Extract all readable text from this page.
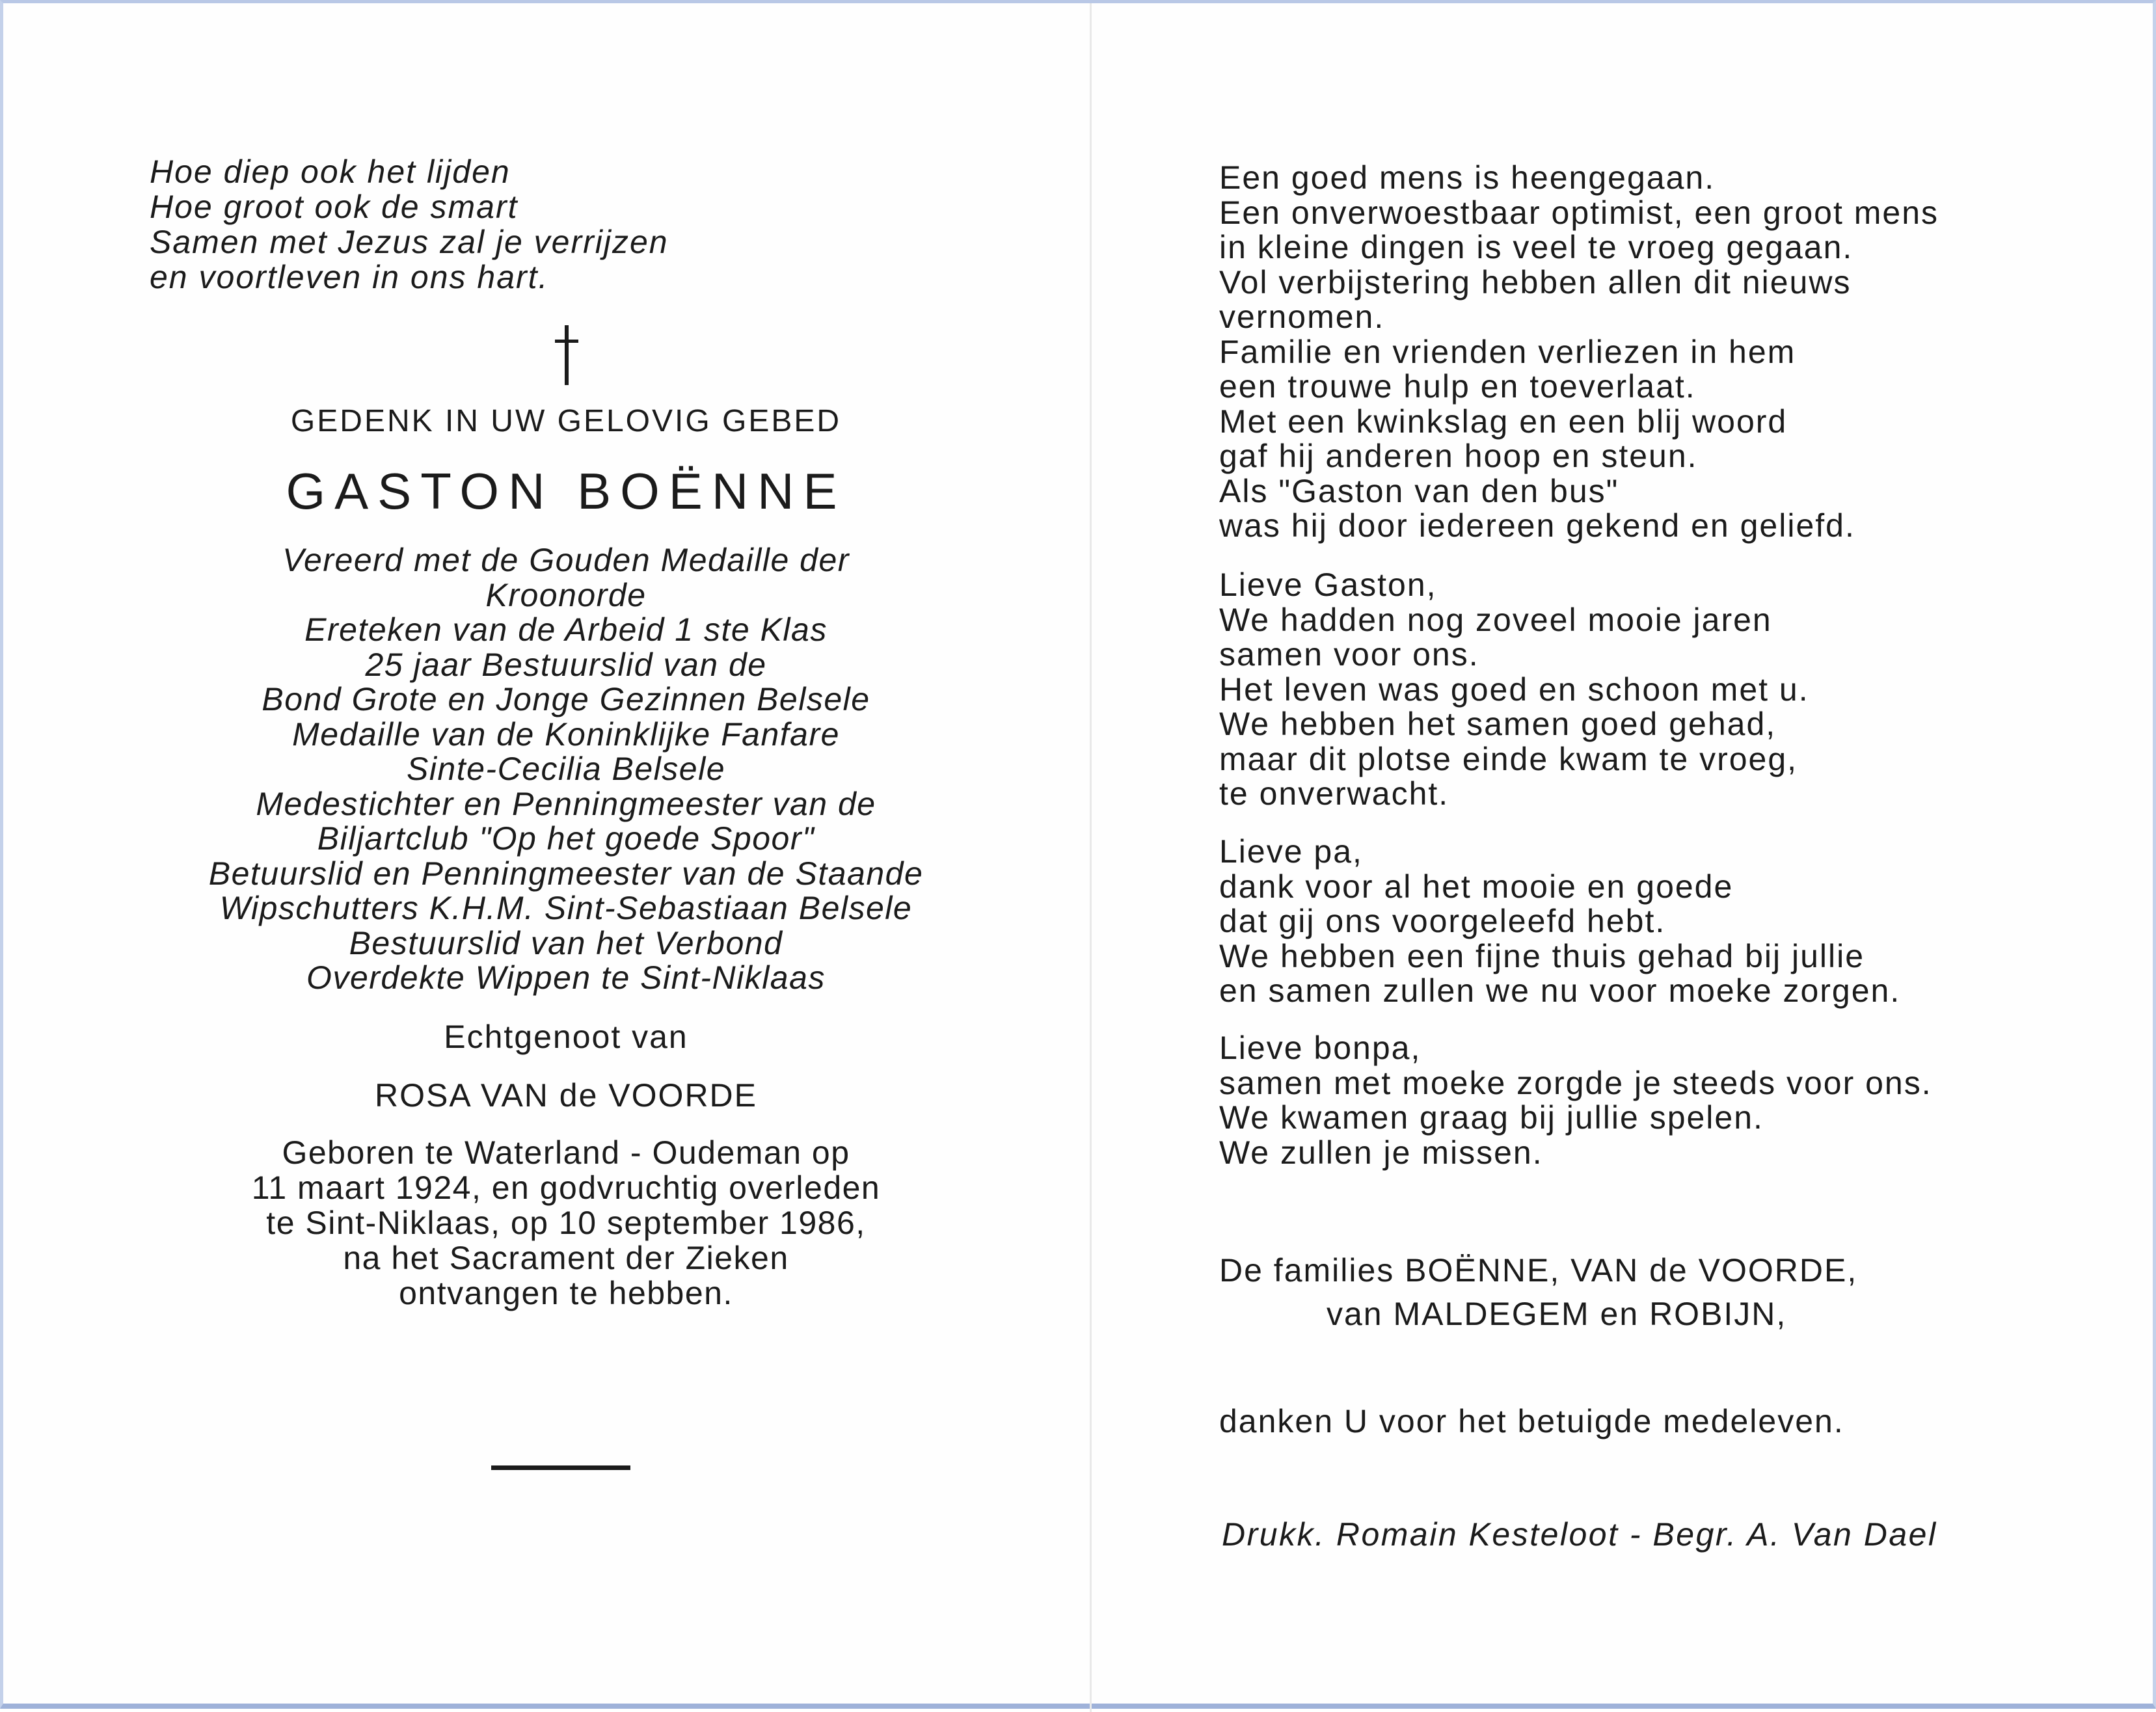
Hoe diep ook het lijden
Hoe groot ook de smart
Samen met Jezus zal je verrijzen
en voortleven in ons hart.
GEDENK IN UW GELOVIG GEBED
GASTON BOËNNE
Vereerd met de Gouden Medaille der
Kroonorde
Ereteken van de Arbeid 1 ste Klas
25 jaar Bestuurslid van de
Bond Grote en Jonge Gezinnen Belsele
Medaille van de Koninklijke Fanfare
Sinte-Cecilia Belsele
Medestichter en Penningmeester van de
Biljartclub "Op het goede Spoor"
Betuurslid en Penningmeester van de Staande
Wipschutters K.H.M. Sint-Sebastiaan Belsele
Bestuurslid van het Verbond
Overdekte Wippen te Sint-Niklaas
Echtgenoot van
ROSA VAN de VOORDE
Geboren te Waterland - Oudeman op
11 maart 1924, en godvruchtig overleden
te Sint-Niklaas, op 10 september 1986,
na het Sacrament der Zieken
ontvangen te hebben.
Een goed mens is heengegaan.
Een onverwoestbaar optimist, een groot mens
in kleine dingen is veel te vroeg gegaan.
Vol verbijstering hebben allen dit nieuws
vernomen.
Familie en vrienden verliezen in hem
een trouwe hulp en toeverlaat.
Met een kwinkslag en een blij woord
gaf hij anderen hoop en steun.
Als "Gaston van den bus"
was hij door iedereen gekend en geliefd.
Lieve Gaston,
We hadden nog zoveel mooie jaren
samen voor ons.
Het leven was goed en schoon met u.
We hebben het samen goed gehad,
maar dit plotse einde kwam te vroeg,
te onverwacht.
Lieve pa,
dank voor al het mooie en goede
dat gij ons voorgeleefd hebt.
We hebben een fijne thuis gehad bij jullie
en samen zullen we nu voor moeke zorgen.
Lieve bonpa,
samen met moeke zorgde je steeds voor ons.
We kwamen graag bij jullie spelen.
We zullen je missen.
De families BOËNNE, VAN de VOORDE,
van MALDEGEM en ROBIJN,
danken U voor het betuigde medeleven.
Drukk. Romain Kesteloot - Begr. A. Van Dael
